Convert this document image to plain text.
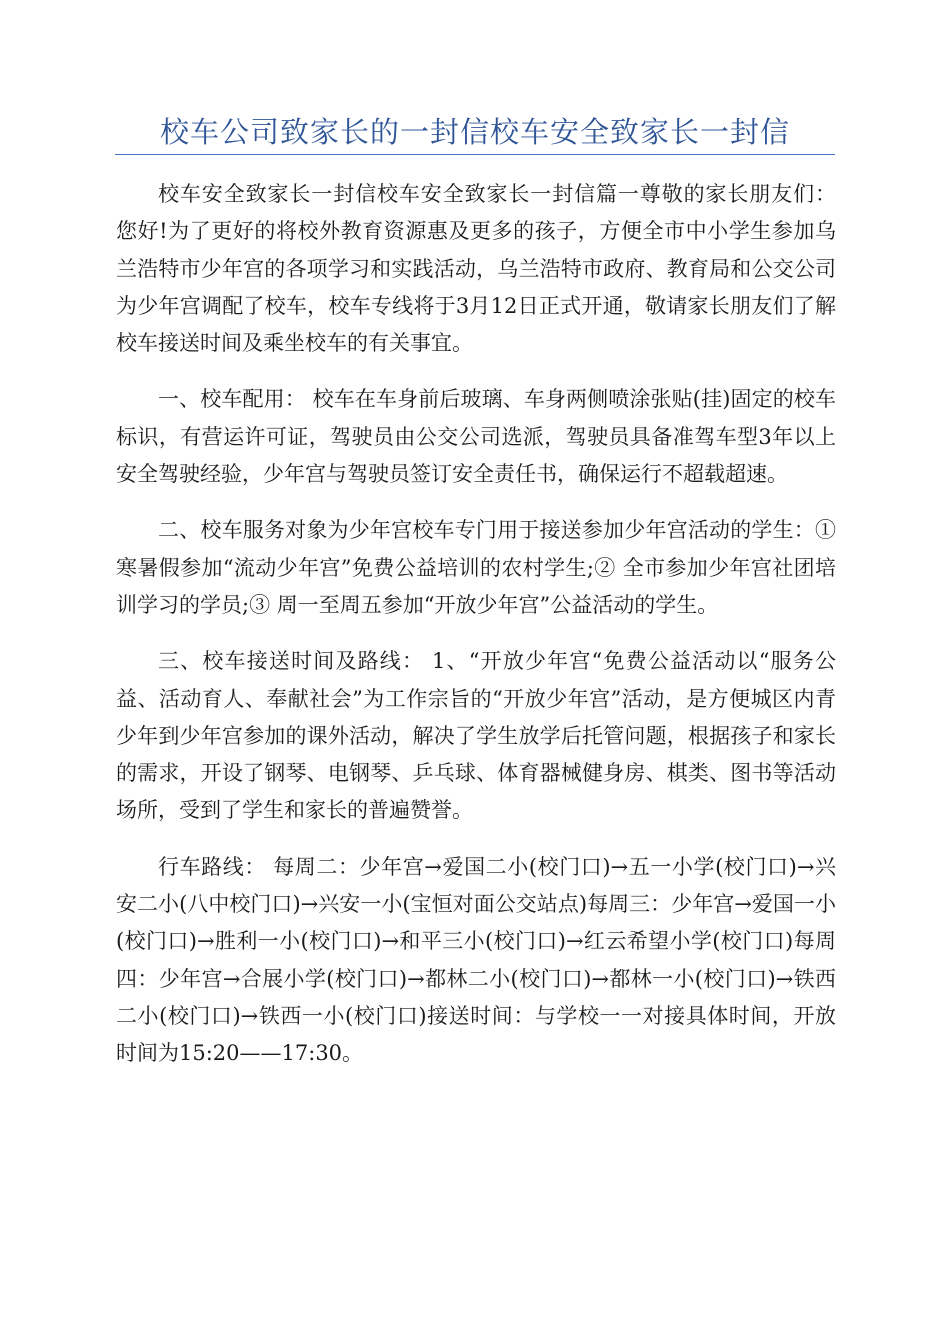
校车公司致家长的一封信校车安全致家长一封信

校车安全致家长一封信校车安全致家长一封信篇一尊敬的家长朋友们： 您好!为了更好的将校外教育资源惠及更多的孩子，方便全市中小学生参加乌兰浩特市少年宫的各项学习和实践活动，乌兰浩特市政府、教育局和公交公司为少年宫调配了校车，校车专线将于3月12日正式开通，敬请家长朋友们了解校车接送时间及乘坐校车的有关事宜。

一、校车配用： 校车在车身前后玻璃、车身两侧喷涂张贴(挂)固定的校车标识，有营运许可证，驾驶员由公交公司选派，驾驶员具备准驾车型3年以上安全驾驶经验，少年宫与驾驶员签订安全责任书，确保运行不超载超速。

二、校车服务对象为少年宫校车专门用于接送参加少年宫活动的学生：①寒暑假参加“流动少年宫”免费公益培训的农村学生;② 全市参加少年宫社团培训学习的学员;③ 周一至周五参加“开放少年宫”公益活动的学生。

三、校车接送时间及路线： 1、“开放少年宫“免费公益活动以“服务公益、活动育人、奉献社会”为工作宗旨的“开放少年宫”活动，是方便城区内青少年到少年宫参加的课外活动，解决了学生放学后托管问题，根据孩子和家长的需求，开设了钢琴、电钢琴、乒乓球、体育器械健身房、棋类、图书等活动场所，受到了学生和家长的普遍赞誉。

行车路线： 每周二：少年宫→爱国二小(校门口)→五一小学(校门口)→兴安二小(八中校门口)→兴安一小(宝恒对面公交站点)每周三：少年宫→爱国一小(校门口)→胜利一小(校门口)→和平三小(校门口)→红云希望小学(校门口)每周四：少年宫→合展小学(校门口)→都林二小(校门口)→都林一小(校门口)→铁西二小(校门口)→铁西一小(校门口)接送时间：与学校一一对接具体时间，开放时间为15:20——17:30。
